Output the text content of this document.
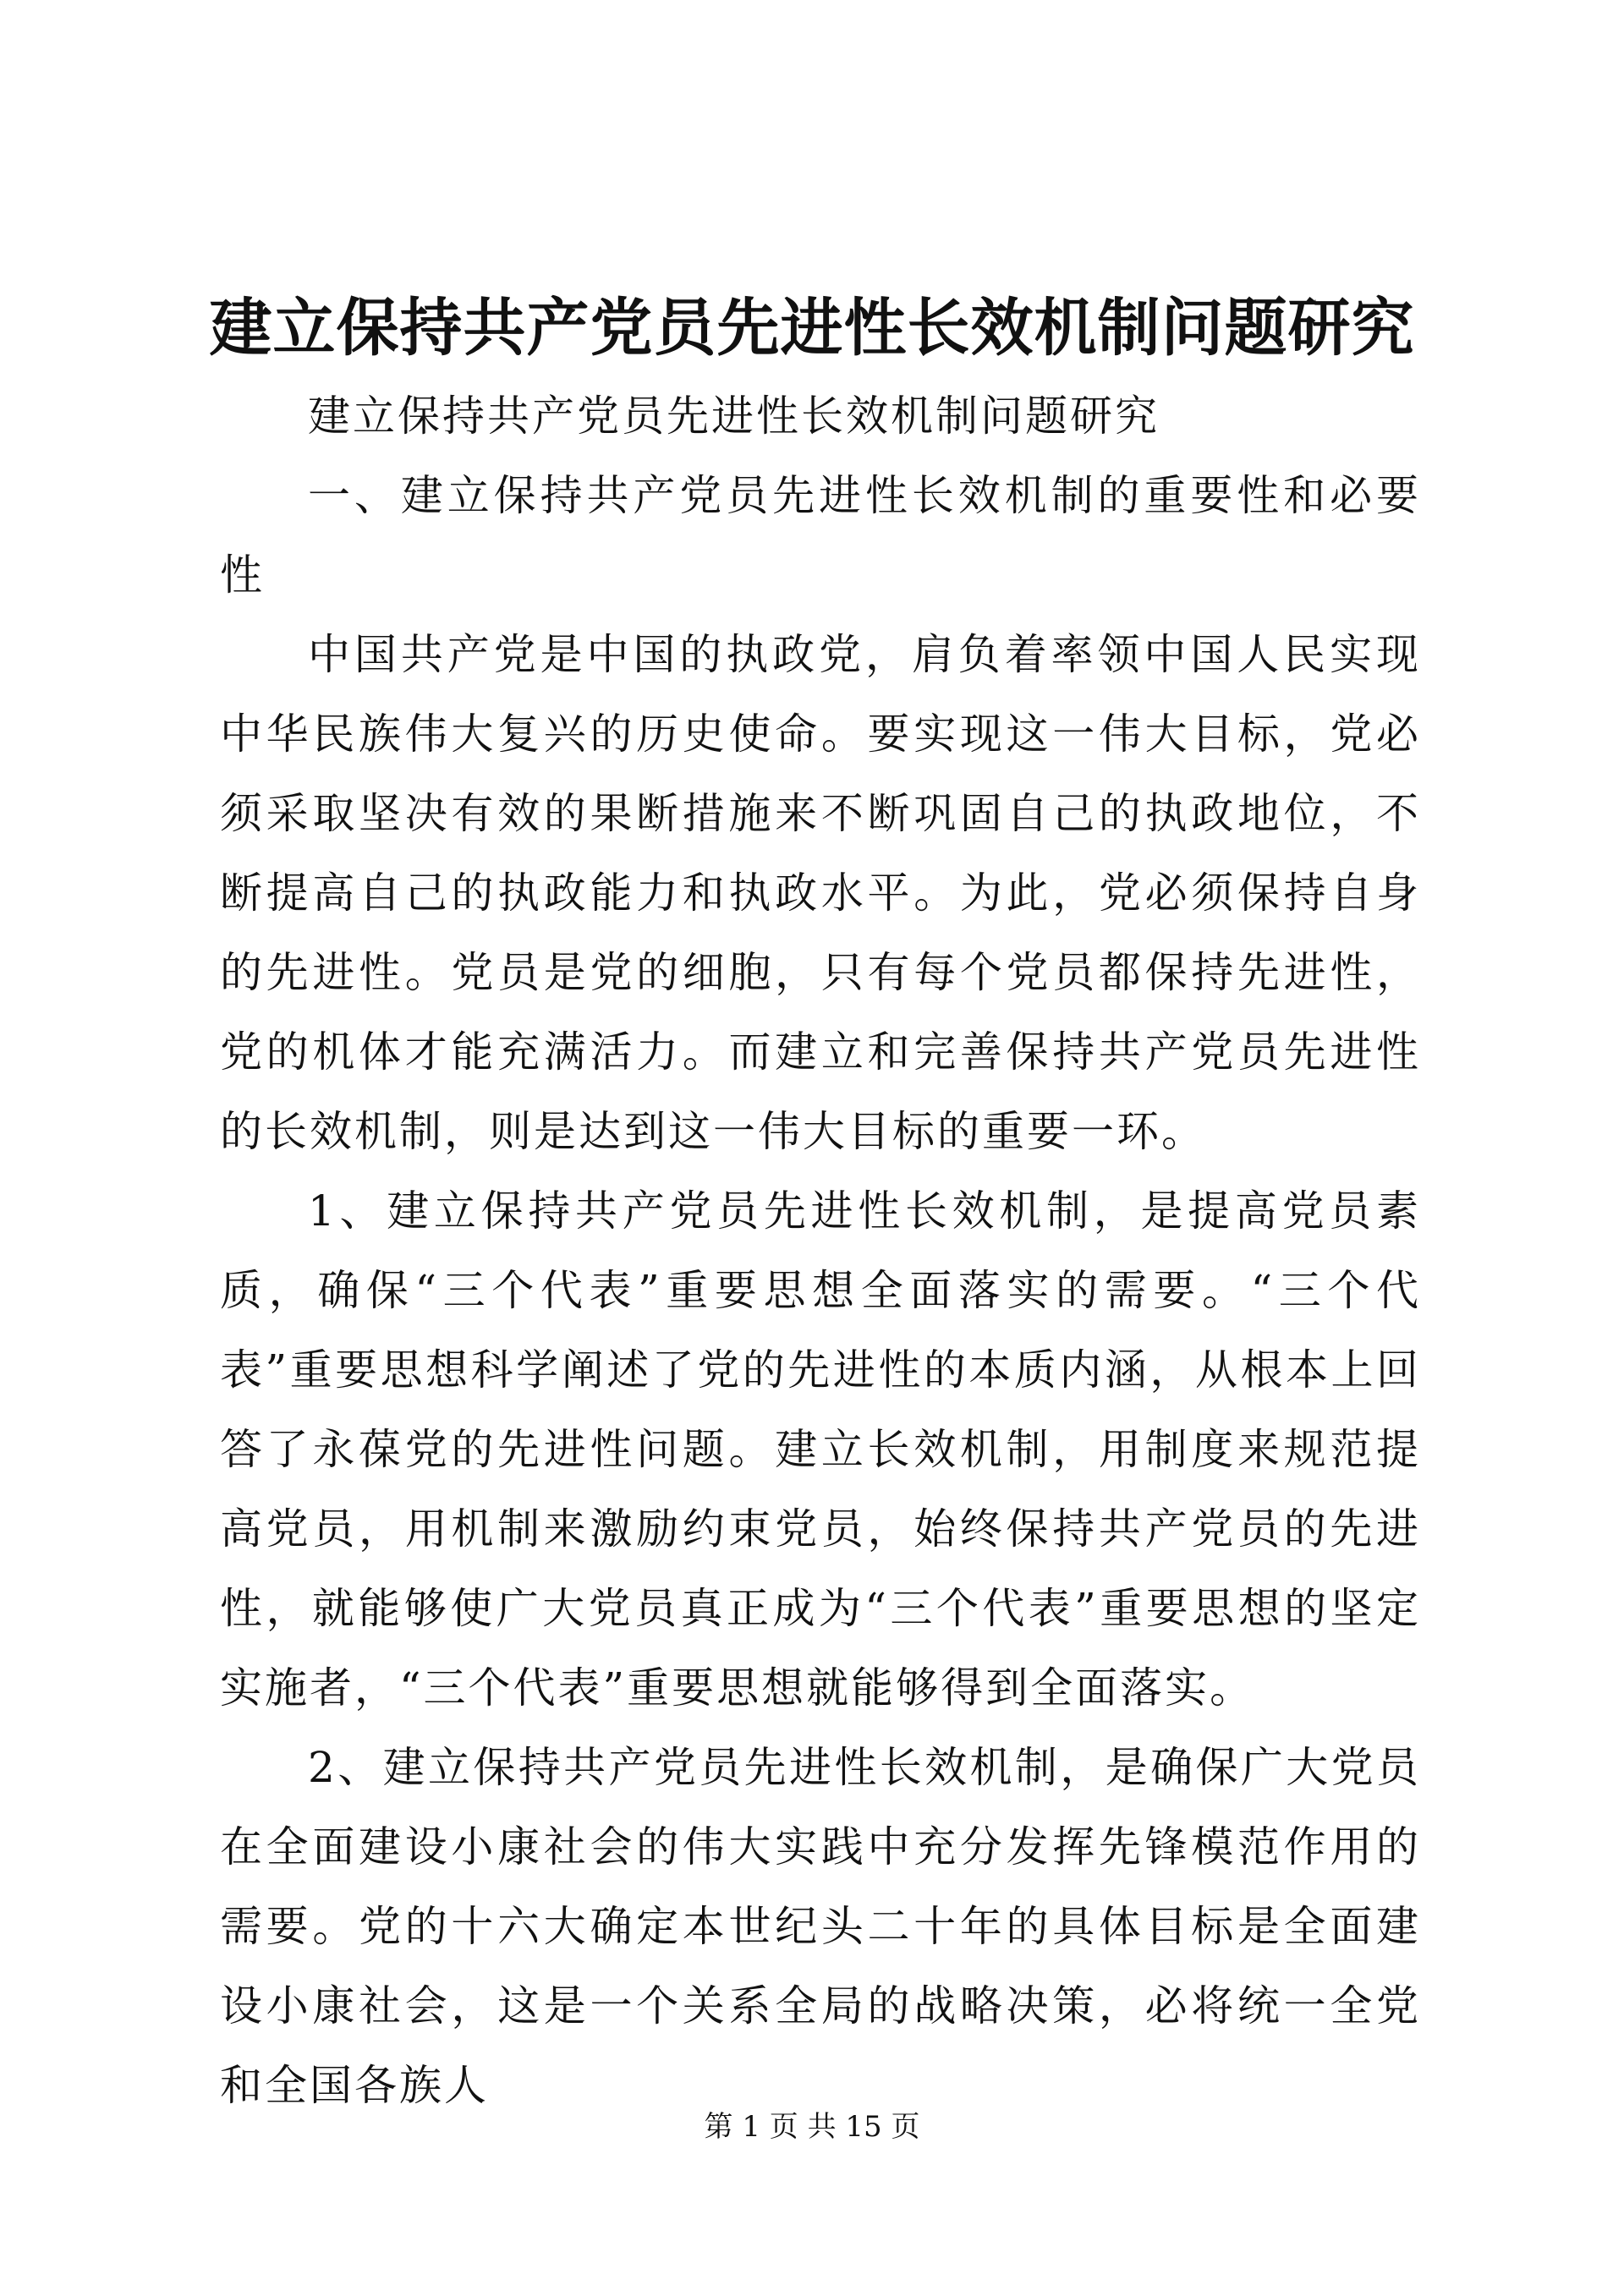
建立保持共产党员先进性长效机制问题研究

建立保持共产党员先进性长效机制问题研究

一、建立保持共产党员先进性长效机制的重要性和必要性

中国共产党是中国的执政党，肩负着率领中国人民实现中华民族伟大复兴的历史使命。要实现这一伟大目标，党必须采取坚决有效的果断措施来不断巩固自己的执政地位，不断提高自己的执政能力和执政水平。为此，党必须保持自身的先进性。党员是党的细胞，只有每个党员都保持先进性，党的机体才能充满活力。而建立和完善保持共产党员先进性的长效机制，则是达到这一伟大目标的重要一环。

1、建立保持共产党员先进性长效机制，是提高党员素质，确保“三个代表”重要思想全面落实的需要。“三个代表”重要思想科学阐述了党的先进性的本质内涵，从根本上回答了永葆党的先进性问题。建立长效机制，用制度来规范提高党员，用机制来激励约束党员，始终保持共产党员的先进性，就能够使广大党员真正成为“三个代表”重要思想的坚定实施者，“三个代表”重要思想就能够得到全面落实。

2、建立保持共产党员先进性长效机制，是确保广大党员在全面建设小康社会的伟大实践中充分发挥先锋模范作用的需要。党的十六大确定本世纪头二十年的具体目标是全面建设小康社会，这是一个关系全局的战略决策，必将统一全党和全国各族人

第 1 页 共 15 页
